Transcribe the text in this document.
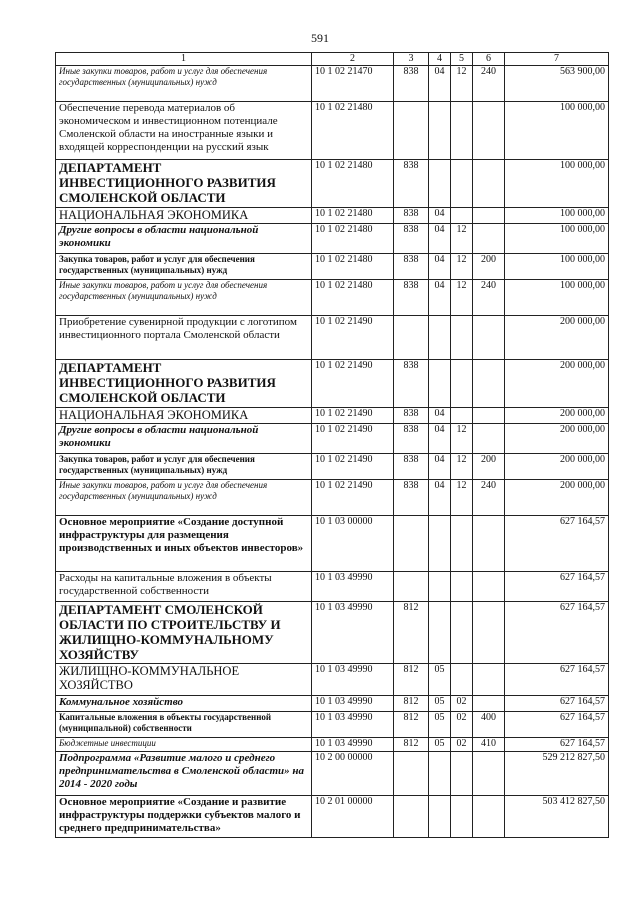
591
1	2	3	4	5	6	7
Иные закупки товаров, работ и услуг для обеспечения государственных (муниципальных) нужд	10 1 02 21470	838	04	12	240	563 900,00
Обеспечение перевода материалов об экономическом и инвестиционном потенциале Смоленской области на иностранные языки и входящей корреспонденции на русский язык	10 1 02 21480					100 000,00
ДЕПАРТАМЕНТ ИНВЕСТИЦИОННОГО РАЗВИТИЯ СМОЛЕНСКОЙ ОБЛАСТИ	10 1 02 21480	838				100 000,00
НАЦИОНАЛЬНАЯ ЭКОНОМИКА	10 1 02 21480	838	04			100 000,00
Другие вопросы в области национальной экономики	10 1 02 21480	838	04	12		100 000,00
Закупка товаров, работ и услуг для обеспечения государственных (муниципальных) нужд	10 1 02 21480	838	04	12	200	100 000,00
Иные закупки товаров, работ и услуг для обеспечения государственных (муниципальных) нужд	10 1 02 21480	838	04	12	240	100 000,00
Приобретение сувенирной продукции с логотипом инвестиционного портала Смоленской области	10 1 02 21490					200 000,00
ДЕПАРТАМЕНТ ИНВЕСТИЦИОННОГО РАЗВИТИЯ СМОЛЕНСКОЙ ОБЛАСТИ	10 1 02 21490	838				200 000,00
НАЦИОНАЛЬНАЯ ЭКОНОМИКА	10 1 02 21490	838	04			200 000,00
Другие вопросы в области национальной экономики	10 1 02 21490	838	04	12		200 000,00
Закупка товаров, работ и услуг для обеспечения государственных (муниципальных) нужд	10 1 02 21490	838	04	12	200	200 000,00
Иные закупки товаров, работ и услуг для обеспечения государственных (муниципальных) нужд	10 1 02 21490	838	04	12	240	200 000,00
Основное мероприятие «Создание доступной инфраструктуры для размещения производственных и иных объектов инвесторов»	10 1 03 00000					627 164,57
Расходы на капитальные вложения в объекты государственной собственности	10 1 03 49990					627 164,57
ДЕПАРТАМЕНТ СМОЛЕНСКОЙ ОБЛАСТИ ПО СТРОИТЕЛЬСТВУ И ЖИЛИЩНО-КОММУНАЛЬНОМУ ХОЗЯЙСТВУ	10 1 03 49990	812				627 164,57
ЖИЛИЩНО-КОММУНАЛЬНОЕ ХОЗЯЙСТВО	10 1 03 49990	812	05			627 164,57
Коммунальное хозяйство	10 1 03 49990	812	05	02		627 164,57
Капитальные вложения в объекты государственной (муниципальной) собственности	10 1 03 49990	812	05	02	400	627 164,57
Бюджетные инвестиции	10 1 03 49990	812	05	02	410	627 164,57
Подпрограмма «Развитие малого и среднего предпринимательства в Смоленской области» на 2014 - 2020 годы	10 2 00 00000					529 212 827,50
Основное мероприятие «Создание и развитие инфраструктуры поддержки субъектов малого и среднего предпринимательства»	10 2 01 00000					503 412 827,50
